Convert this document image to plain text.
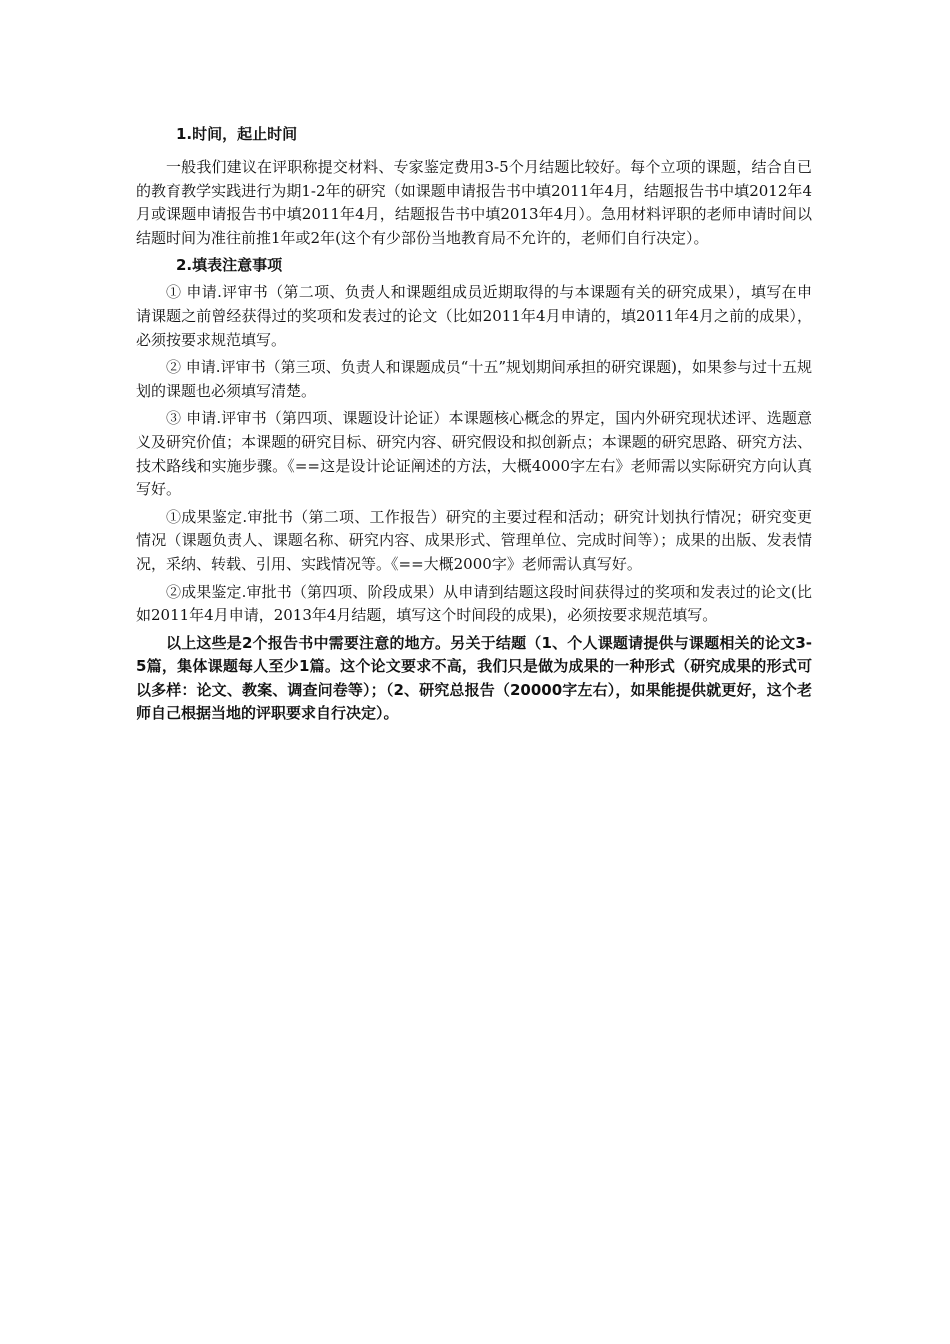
1.时间，起止时间

一般我们建议在评职称提交材料、专家鉴定费用3-5个月结题比较好。每个立项的课题，结合自已的教育教学实践进行为期1-2年的研究（如课题申请报告书中填2011年4月，结题报告书中填2012年4月或课题申请报告书中填2011年4月，结题报告书中填2013年4月）。急用材料评职的老师申请时间以结题时间为准往前推1年或2年(这个有少部份当地教育局不允许的，老师们自行决定）。

2.填表注意事项

① 申请.评审书（第二项、负责人和课题组成员近期取得的与本课题有关的研究成果），填写在申请课题之前曾经获得过的奖项和发表过的论文（比如2011年4月申请的，填2011年4月之前的成果），必须按要求规范填写。

② 申请.评审书（第三项、负责人和课题成员“十五”规划期间承担的研究课题)，如果参与过十五规划的课题也必须填写清楚。

③ 申请.评审书（第四项、课题设计论证）本课题核心概念的界定，国内外研究现状述评、选题意义及研究价值；本课题的研究目标、研究内容、研究假设和拟创新点；本课题的研究思路、研究方法、技术路线和实施步骤。《==这是设计论证阐述的方法，大概4000字左右》老师需以实际研究方向认真写好。

①成果鉴定.审批书（第二项、工作报告）研究的主要过程和活动；研究计划执行情况；研究变更情况（课题负责人、课题名称、研究内容、成果形式、管理单位、完成时间等）；成果的出版、发表情况，采纳、转载、引用、实践情况等。《==大概2000字》老师需认真写好。

②成果鉴定.审批书（第四项、阶段成果）从申请到结题这段时间获得过的奖项和发表过的论文(比如2011年4月申请，2013年4月结题，填写这个时间段的成果)，必须按要求规范填写。

以上这些是2个报告书中需要注意的地方。另关于结题（1、个人课题请提供与课题相关的论文3-5篇，集体课题每人至少1篇。这个论文要求不高，我们只是做为成果的一种形式（研究成果的形式可以多样：论文、教案、调查问卷等）；（2、研究总报告（20000字左右），如果能提供就更好，这个老师自己根据当地的评职要求自行决定）。
